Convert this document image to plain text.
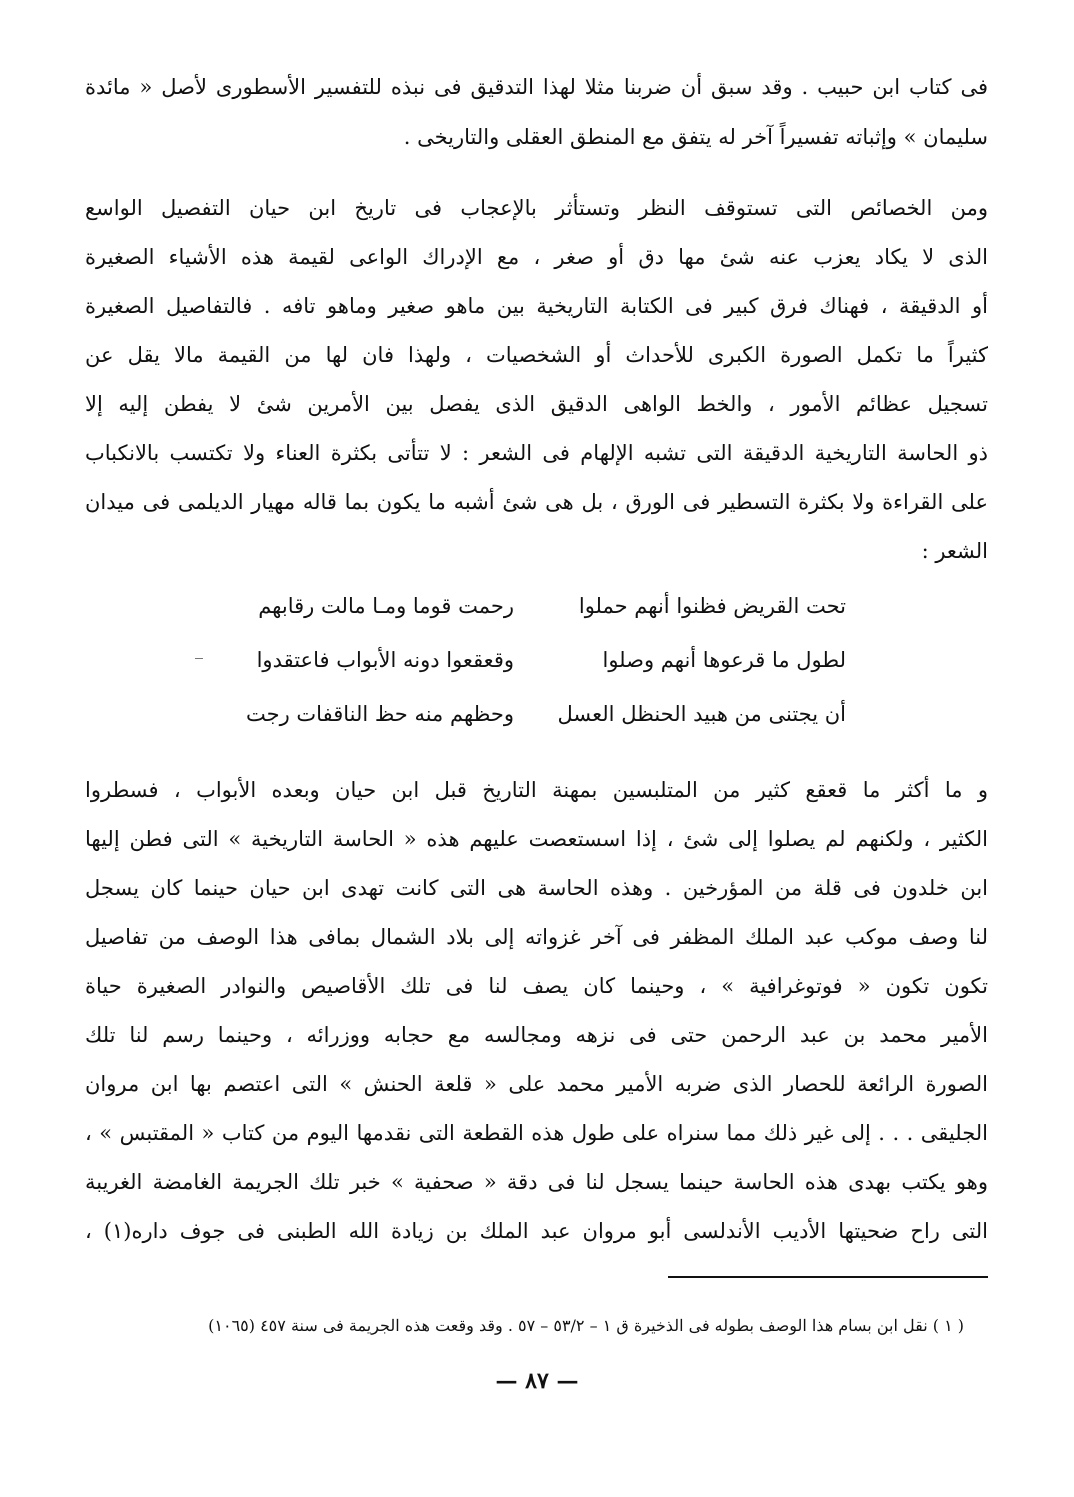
فى كتاب ابن حبيب . وقد سبق أن ضربنا مثلا لهذا التدقيق فى نبذه للتفسير الأسطورى لأصل « مائدة
سليمان » وإثباته تفسيراً آخر له يتفق مع المنطق العقلى والتاريخى .
ومن الخصائص التى تستوقف النظر وتستأثر بالإعجاب فى تاريخ ابن حيان التفصيل الواسع
الذى لا يكاد يعزب عنه شئ مها دق أو صغر ، مع الإدراك الواعى لقيمة هذه الأشياء الصغيرة
أو الدقيقة ، فهناك فرق كبير فى الكتابة التاريخية بين ماهو صغير وماهو تافه . فالتفاصيل الصغيرة
كثيراً ما تكمل الصورة الكبرى للأحداث أو الشخصيات ، ولهذا فان لها من القيمة مالا يقل عن
تسجيل عظائم الأمور ، والخط الواهى الدقيق الذى يفصل بين الأمرين شئ لا يفطن إليه إلا
ذو الحاسة التاريخية الدقيقة التى تشبه الإلهام فى الشعر : لا تتأتى بكثرة العناء ولا تكتسب بالانكباب
على القراءة ولا بكثرة التسطير فى الورق ، بل هى شئ أشبه ما يكون بما قاله مهيار الديلمى فى ميدان
الشعر :
رحمت قوما ومـا مالت رقابهم	تحت القريض فظنوا أنهم حملوا
وقعقعوا دونه الأبواب فاعتقدوا	لطول ما قرعوها أنهم وصلوا
وحظهم منه حظ الناقفات رجت	أن يجتنى من هبيد الحنظل العسل
و ما أكثر ما قعقع كثير من المتلبسين بمهنة التاريخ قبل ابن حيان وبعده الأبواب ، فسطروا
الكثير ، ولكنهم لم يصلوا إلى شئ ، إذا اسستعصت عليهم هذه « الحاسة التاريخية » التى فطن إليها
ابن خلدون فى قلة من المؤرخين . وهذه الحاسة هى التى كانت تهدى ابن حيان حينما كان يسجل
لنا وصف موكب عبد الملك المظفر فى آخر غزواته إلى بلاد الشمال بمافى هذا الوصف من تفاصيل
تكون تكون « فوتوغرافية » ، وحينما كان يصف لنا فى تلك الأقاصيص والنوادر الصغيرة حياة
الأمير محمد بن عبد الرحمن حتى فى نزهه ومجالسه مع حجابه ووزرائه ، وحينما رسم لنا تلك
الصورة الرائعة للحصار الذى ضربه الأمير محمد على « قلعة الحنش » التى اعتصم بها ابن مروان
الجليقى . . . إلى غير ذلك مما سنراه على طول هذه القطعة التى نقدمها اليوم من كتاب « المقتبس » ،
وهو يكتب بهدى هذه الحاسة حينما يسجل لنا فى دقة « صحفية » خبر تلك الجريمة الغامضة الغريبة
التى راح ضحيتها الأديب الأندلسى أبو مروان عبد الملك بن زيادة الله الطبنى فى جوف داره(١) ،
( ١ ) نقل ابن بسام هذا الوصف بطوله فى الذخيرة ق ١ – ٥٣/٢ – ٥٧ . وقد وقعت هذه الجريمة فى سنة ٤٥٧ (١٠٦٥)
— ٨٧ —
